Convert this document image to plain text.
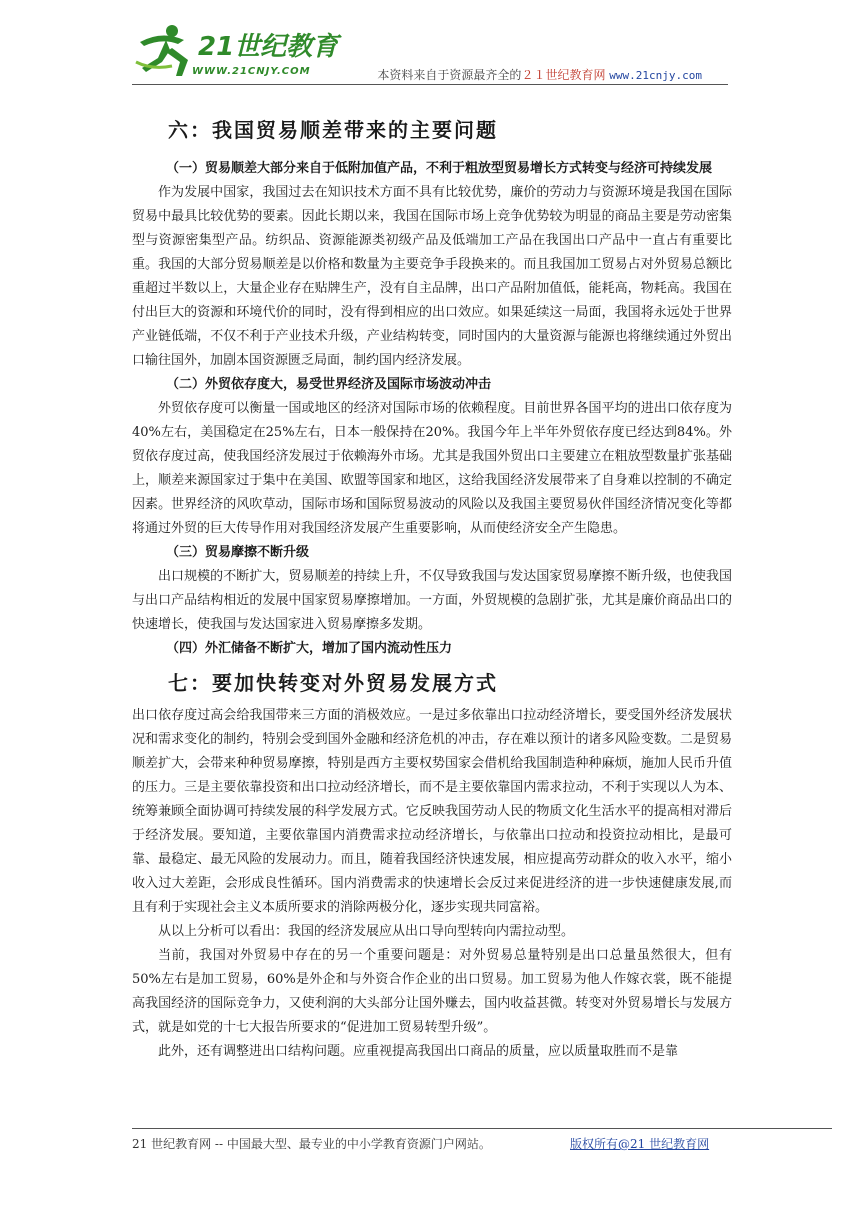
21世纪教育
WWW.21CNJY.COM	本资料来自于资源最齐全的２１世纪教育网 www.21cnjy.com
六：我国贸易顺差带来的主要问题
（一）贸易顺差大部分来自于低附加值产品，不利于粗放型贸易增长方式转变与经济可持续发展

作为发展中国家，我国过去在知识技术方面不具有比较优势，廉价的劳动力与资源环境是我国在国际贸易中最具比较优势的要素。因此长期以来，我国在国际市场上竞争优势较为明显的商品主要是劳动密集型与资源密集型产品。纺织品、资源能源类初级产品及低端加工产品在我国出口产品中一直占有重要比重。我国的大部分贸易顺差是以价格和数量为主要竞争手段换来的。而且我国加工贸易占对外贸易总额比重超过半数以上，大量企业存在贴牌生产，没有自主品牌，出口产品附加值低，能耗高，物耗高。我国在付出巨大的资源和环境代价的同时，没有得到相应的出口效应。如果延续这一局面，我国将永远处于世界产业链低端，不仅不利于产业技术升级，产业结构转变，同时国内的大量资源与能源也将继续通过外贸出口输往国外，加剧本国资源匮乏局面，制约国内经济发展。

（二）外贸依存度大，易受世界经济及国际市场波动冲击

外贸依存度可以衡量一国或地区的经济对国际市场的依赖程度。目前世界各国平均的进出口依存度为40%左右，美国稳定在25%左右，日本一般保持在20%。我国今年上半年外贸依存度已经达到84%。外贸依存度过高，使我国经济发展过于依赖海外市场。尤其是我国外贸出口主要建立在粗放型数量扩张基础上，顺差来源国家过于集中在美国、欧盟等国家和地区，这给我国经济发展带来了自身难以控制的不确定因素。世界经济的风吹草动，国际市场和国际贸易波动的风险以及我国主要贸易伙伴国经济情况变化等都将通过外贸的巨大传导作用对我国经济发展产生重要影响，从而使经济安全产生隐患。

（三）贸易摩擦不断升级

出口规模的不断扩大，贸易顺差的持续上升，不仅导致我国与发达国家贸易摩擦不断升级，也使我国与出口产品结构相近的发展中国家贸易摩擦增加。一方面，外贸规模的急剧扩张，尤其是廉价商品出口的快速增长，使我国与发达国家进入贸易摩擦多发期。

（四）外汇储备不断扩大，增加了国内流动性压力
七：要加快转变对外贸易发展方式

出口依存度过高会给我国带来三方面的消极效应。一是过多依靠出口拉动经济增长，要受国外经济发展状况和需求变化的制约，特别会受到国外金融和经济危机的冲击，存在难以预计的诸多风险变数。二是贸易顺差扩大，会带来种种贸易摩擦，特别是西方主要权势国家会借机给我国制造种种麻烦，施加人民币升值的压力。三是主要依靠投资和出口拉动经济增长，而不是主要依靠国内需求拉动，不利于实现以人为本、统筹兼顾全面协调可持续发展的科学发展方式。它反映我国劳动人民的物质文化生活水平的提高相对滞后于经济发展。要知道，主要依靠国内消费需求拉动经济增长，与依靠出口拉动和投资拉动相比，是最可靠、最稳定、最无风险的发展动力。而且，随着我国经济快速发展，相应提高劳动群众的收入水平，缩小收入过大差距，会形成良性循环。国内消费需求的快速增长会反过来促进经济的进一步快速健康发展,而且有利于实现社会主义本质所要求的消除两极分化，逐步实现共同富裕。

从以上分析可以看出：我国的经济发展应从出口导向型转向内需拉动型。

当前，我国对外贸易中存在的另一个重要问题是：对外贸易总量特别是出口总量虽然很大，但有50%左右是加工贸易，60%是外企和与外资合作企业的出口贸易。加工贸易为他人作嫁衣裳，既不能提高我国经济的国际竞争力，又使利润的大头部分让国外赚去，国内收益甚微。转变对外贸易增长与发展方式，就是如党的十七大报告所要求的“促进加工贸易转型升级”。

此外，还有调整进出口结构问题。应重视提高我国出口商品的质量，应以质量取胜而不是靠

21 世纪教育网 -- 中国最大型、最专业的中小学教育资源门户网站。	版权所有@21 世纪教育网
